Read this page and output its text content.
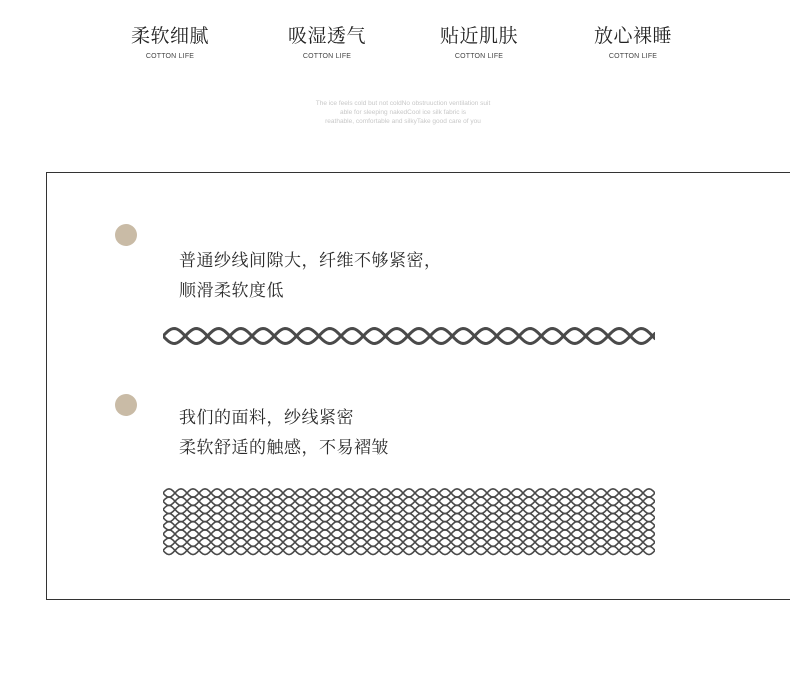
柔软细腻
COTTON LIFE
吸湿透气
COTTON LIFE
贴近肌肤
COTTON LIFE
放心裸睡
COTTON LIFE
The ice feels cold but not coldNo obstruuction ventilation suit
able for sleeping nakedCool ice silk fabric is
reathable, comfortable and silkyTake good care of you
普通纱线间隙大，纤维不够紧密，
顺滑柔软度低
我们的面料，纱线紧密
柔软舒适的触感，不易褶皱
